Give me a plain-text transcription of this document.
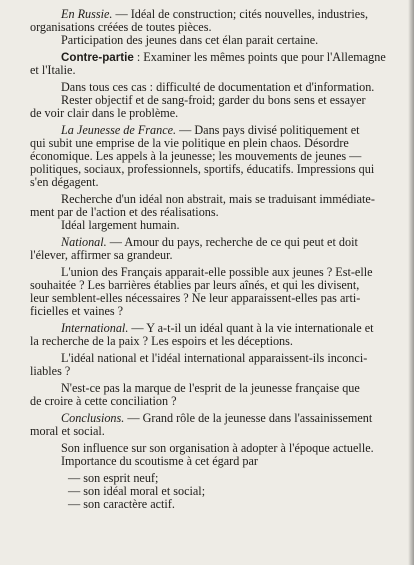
En Russie. — Idéal de construction; cités nouvelles, industries,
organisations créées de toutes pièces.
Participation des jeunes dans cet élan parait certaine.
Contre-partie : Examiner les mêmes points que pour l'Allemagne
et l'Italie.
Dans tous ces cas : difficulté de documentation et d'information.
Rester objectif et de sang-froid; garder du bons sens et essayer
de voir clair dans le problème.
La Jeunesse de France. — Dans pays divisé politiquement et
qui subit une emprise de la vie politique en plein chaos. Désordre
économique. Les appels à la jeunesse; les mouvements de jeunes —
politiques, sociaux, professionnels, sportifs, éducatifs. Impressions qui
s'en dégagent.
Recherche d'un idéal non abstrait, mais se traduisant immédiate-
ment par de l'action et des réalisations.
Idéal largement humain.
National. — Amour du pays, recherche de ce qui peut et doit
l'élever, affirmer sa grandeur.
L'union des Français apparait-elle possible aux jeunes ? Est-elle
souhaitée ? Les barrières établies par leurs aînés, et qui les divisent,
leur semblent-elles nécessaires ? Ne leur apparaissent-elles pas arti-
ficielles et vaines ?
International. — Y a-t-il un idéal quant à la vie internationale et
la recherche de la paix ? Les espoirs et les déceptions.
L'idéal national et l'idéal international apparaissent-ils inconci-
liables ?
N'est-ce pas la marque de l'esprit de la jeunesse française que
de croire à cette conciliation ?
Conclusions. — Grand rôle de la jeunesse dans l'assainissement
moral et social.
Son influence sur son organisation à adopter à l'époque actuelle.
Importance du scoutisme à cet égard par
— son esprit neuf;
— son idéal moral et social;
— son caractère actif.
